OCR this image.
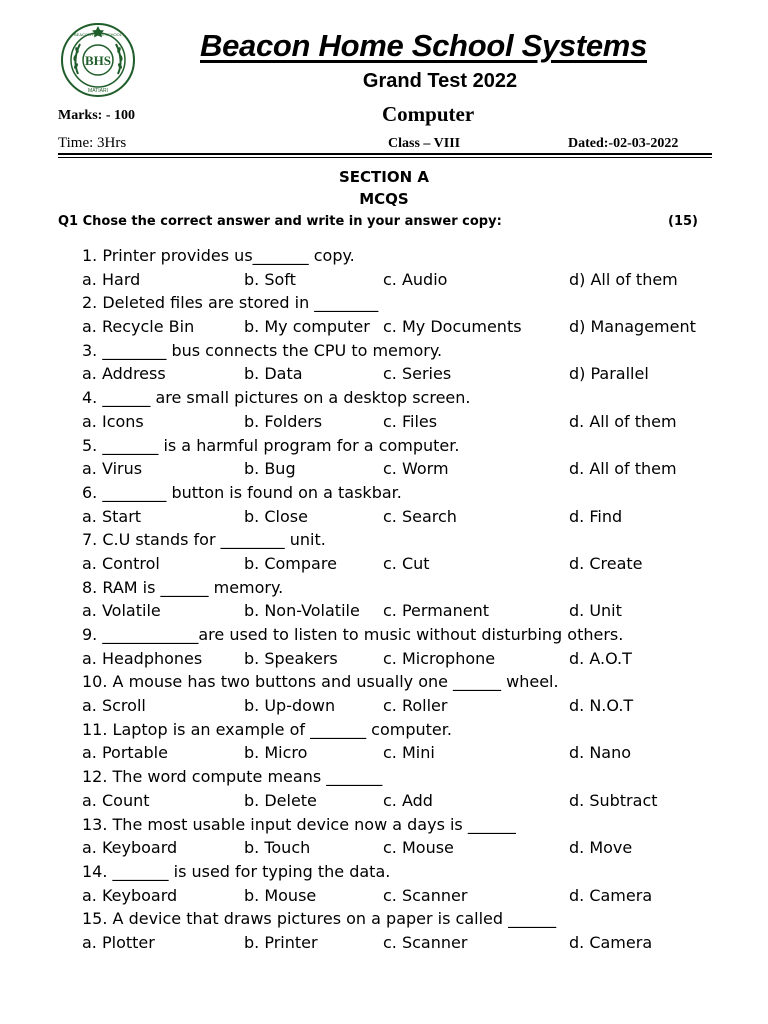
BHS
MATIARI
BEACON HOME SCHOOL	Beacon Home School Systems
Grand Test 2022
Marks: - 100	Computer
Time: 3Hrs	Class – VIII	Dated:-02-03-2022
SECTION A
MCQS
Q1 Chose the correct answer and write in your answer copy:	(15)
1. Printer provides us_______ copy.
a. Hard	b. Soft	c. Audio	d) All of them
2. Deleted files are stored in ________
a. Recycle Bin	b. My computer c. My Documents	d) Management
3. ________ bus connects the CPU to memory.
a. Address	b. Data	c. Series	d) Parallel
4. ______ are small pictures on a desktop screen.
a. Icons	b. Folders	c. Files	d. All of them
5. _______ is a harmful program for a computer.
a. Virus	b. Bug	c. Worm	d. All of them
6. ________ button is found on a taskbar.
a. Start	b. Close	c. Search	d. Find
7. C.U stands for ________ unit.
a. Control	b. Compare	c. Cut	d. Create
8. RAM is ______ memory.
a. Volatile	b. Non-Volatile c. Permanent	d. Unit
9. ____________are used to listen to music without disturbing others.
a. Headphones	b. Speakers	c. Microphone	d. A.O.T
10. A mouse has two buttons and usually one ______ wheel.
a. Scroll	b. Up-down	c. Roller	d. N.O.T
11. Laptop is an example of _______ computer.
a. Portable	b. Micro	c. Mini	d. Nano
12. The word compute means _______
a. Count	b. Delete	c. Add	d. Subtract
13. The most usable input device now a days is ______
a. Keyboard	b. Touch	c. Mouse	d. Move
14. _______ is used for typing the data.
a. Keyboard	b. Mouse	c. Scanner	d. Camera
15. A device that draws pictures on a paper is called ______
a. Plotter	b. Printer	c. Scanner	d. Camera
